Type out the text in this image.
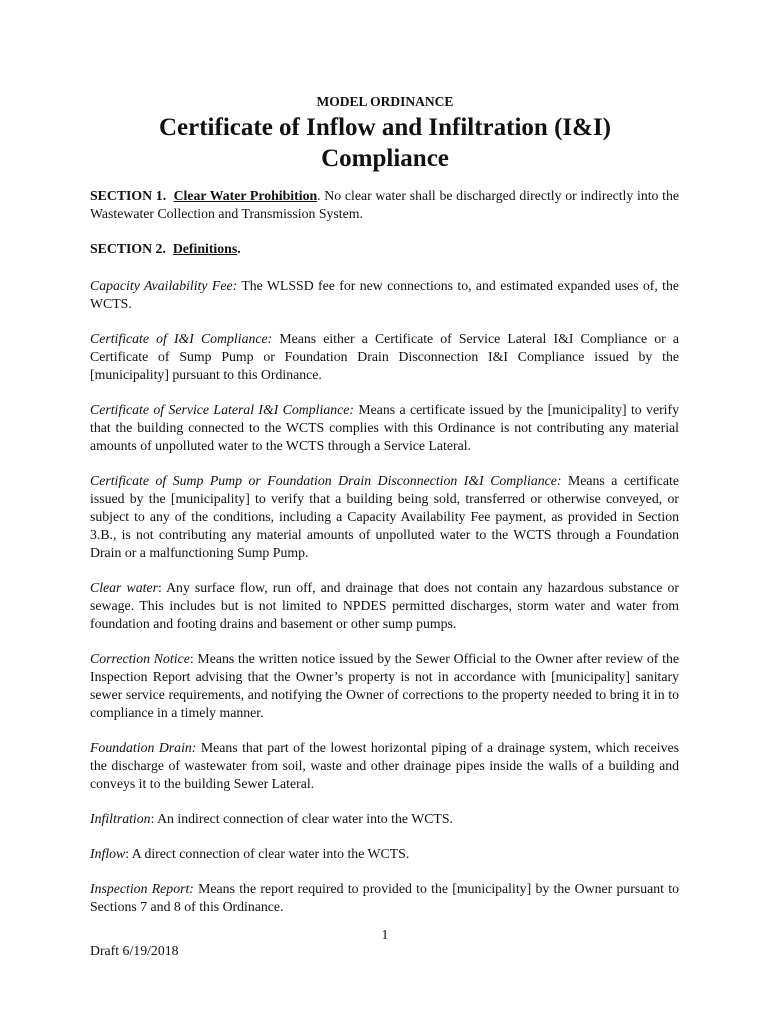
MODEL ORDINANCE

Certificate of Inflow and Infiltration (I&I)
Compliance

SECTION 1. Clear Water Prohibition. No clear water shall be discharged directly or indirectly into the Wastewater Collection and Transmission System.

SECTION 2. Definitions.

Capacity Availability Fee: The WLSSD fee for new connections to, and estimated expanded uses of, the WCTS.

Certificate of I&I Compliance: Means either a Certificate of Service Lateral I&I Compliance or a Certificate of Sump Pump or Foundation Drain Disconnection I&I Compliance issued by the [municipality] pursuant to this Ordinance.

Certificate of Service Lateral I&I Compliance: Means a certificate issued by the [municipality] to verify that the building connected to the WCTS complies with this Ordinance is not contributing any material amounts of unpolluted water to the WCTS through a Service Lateral.

Certificate of Sump Pump or Foundation Drain Disconnection I&I Compliance: Means a certificate issued by the [municipality] to verify that a building being sold, transferred or otherwise conveyed, or subject to any of the conditions, including a Capacity Availability Fee payment, as provided in Section 3.B., is not contributing any material amounts of unpolluted water to the WCTS through a Foundation Drain or a malfunctioning Sump Pump.

Clear water: Any surface flow, run off, and drainage that does not contain any hazardous substance or sewage. This includes but is not limited to NPDES permitted discharges, storm water and water from foundation and footing drains and basement or other sump pumps.

Correction Notice: Means the written notice issued by the Sewer Official to the Owner after review of the Inspection Report advising that the Owner’s property is not in accordance with [municipality] sanitary sewer service requirements, and notifying the Owner of corrections to the property needed to bring it in to compliance in a timely manner.

Foundation Drain: Means that part of the lowest horizontal piping of a drainage system, which receives the discharge of wastewater from soil, waste and other drainage pipes inside the walls of a building and conveys it to the building Sewer Lateral.

Infiltration: An indirect connection of clear water into the WCTS.

Inflow: A direct connection of clear water into the WCTS.

Inspection Report: Means the report required to provided to the [municipality] by the Owner pursuant to Sections 7 and 8 of this Ordinance.

1

Draft 6/19/2018
